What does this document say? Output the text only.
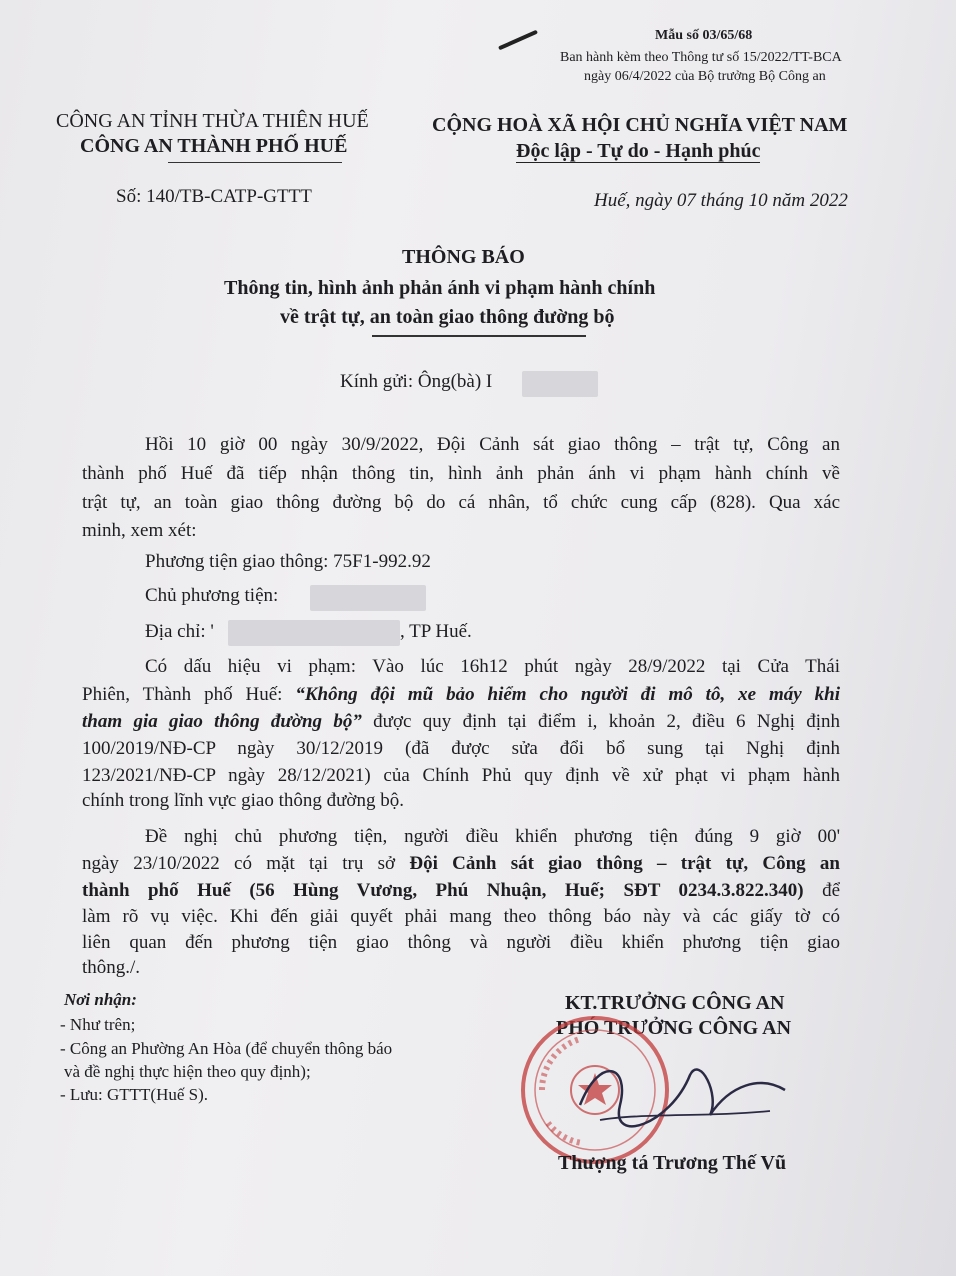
Mẫu số 03/65/68
Ban hành kèm theo Thông tư số 15/2022/TT-BCA
ngày 06/4/2022 của Bộ trưởng Bộ Công an
CÔNG AN TỈNH THỪA THIÊN HUẾ
CÔNG AN THÀNH PHỐ HUẾ
CỘNG HOÀ XÃ HỘI CHỦ NGHĨA VIỆT NAM
Độc lập - Tự do - Hạnh phúc
Số: 140/TB-CATP-GTTT	Huế, ngày 07 tháng 10 năm 2022
THÔNG BÁO
Thông tin, hình ảnh phản ánh vi phạm hành chính
về trật tự, an toàn giao thông đường bộ
Kính gửi: Ông(bà) I
Hồi 10 giờ 00 ngày 30/9/2022, Đội Cảnh sát giao thông – trật tự, Công an
thành phố Huế đã tiếp nhận thông tin, hình ảnh phản ánh vi phạm hành chính về
trật tự, an toàn giao thông đường bộ do cá nhân, tổ chức cung cấp (828). Qua xác
minh, xem xét:
Phương tiện giao thông: 75F1-992.92
Chủ phương tiện:
Địa chỉ: '	, TP Huế.
Có dấu hiệu vi phạm: Vào lúc 16h12 phút ngày 28/9/2022 tại Cửa Thái
Phiên, Thành phố Huế: “Không đội mũ bảo hiểm cho người đi mô tô, xe máy khi
tham gia giao thông đường bộ” được quy định tại điểm i, khoản 2, điều 6 Nghị định
100/2019/NĐ-CP ngày 30/12/2019 (đã được sửa đổi bổ sung tại Nghị định
123/2021/NĐ-CP ngày 28/12/2021) của Chính Phủ quy định về xử phạt vi phạm hành
chính trong lĩnh vực giao thông đường bộ.
Đề nghị chủ phương tiện, người điều khiển phương tiện đúng 9 giờ 00'
ngày 23/10/2022 có mặt tại trụ sở Đội Cảnh sát giao thông – trật tự, Công an
thành phố Huế (56 Hùng Vương, Phú Nhuận, Huế; SĐT 0234.3.822.340) để
làm rõ vụ việc. Khi đến giải quyết phải mang theo thông báo này và các giấy tờ có
liên quan đến phương tiện giao thông và người điều khiển phương tiện giao
thông./.
Nơi nhận:
- Như trên;
- Công an Phường An Hòa (để chuyển thông báo
và đề nghị thực hiện theo quy định);
- Lưu: GTTT(Huế S).
KT.TRƯỞNG CÔNG AN
PHÓ TRƯỞNG CÔNG AN
Thượng tá Trương Thế Vũ
